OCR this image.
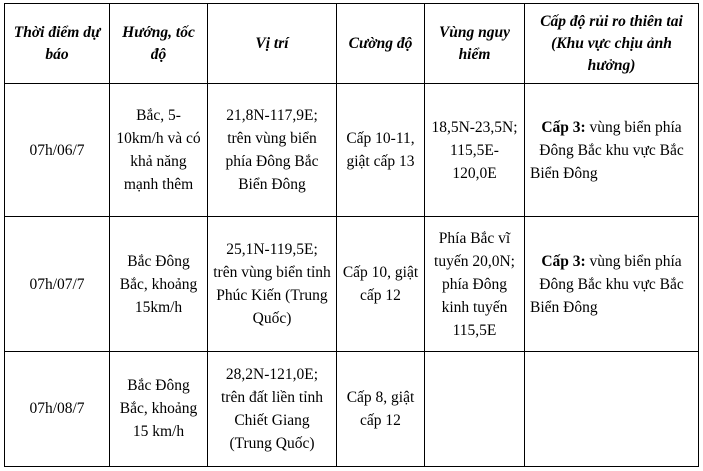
Thời điểm dự báo	Hướng, tốc độ	Vị trí	Cường độ	Vùng nguy hiểm	Cấp độ rủi ro thiên tai (Khu vực chịu ảnh hưởng)
07h/06/7	Bắc, 5-10km/h và có khả năng mạnh thêm	21,8N-117,9E; trên vùng biển phía Đông Bắc Biển Đông	Cấp 10-11, giật cấp 13	18,5N-23,5N; 115,5E-120,0E	Cấp 3: vùng biển phía Đông Bắc khu vực Bắc Biển Đông
07h/07/7	Bắc Đông Bắc, khoảng 15km/h	25,1N-119,5E; trên vùng biển tỉnh Phúc Kiến (Trung Quốc)	Cấp 10, giật cấp 12	Phía Bắc vĩ tuyến 20,0N; phía Đông kinh tuyến 115,5E	Cấp 3: vùng biển phía Đông Bắc khu vực Bắc Biển Đông
07h/08/7	Bắc Đông Bắc, khoảng 15 km/h	28,2N-121,0E; trên đất liền tỉnh Chiết Giang (Trung Quốc)	Cấp 8, giật cấp 12		
